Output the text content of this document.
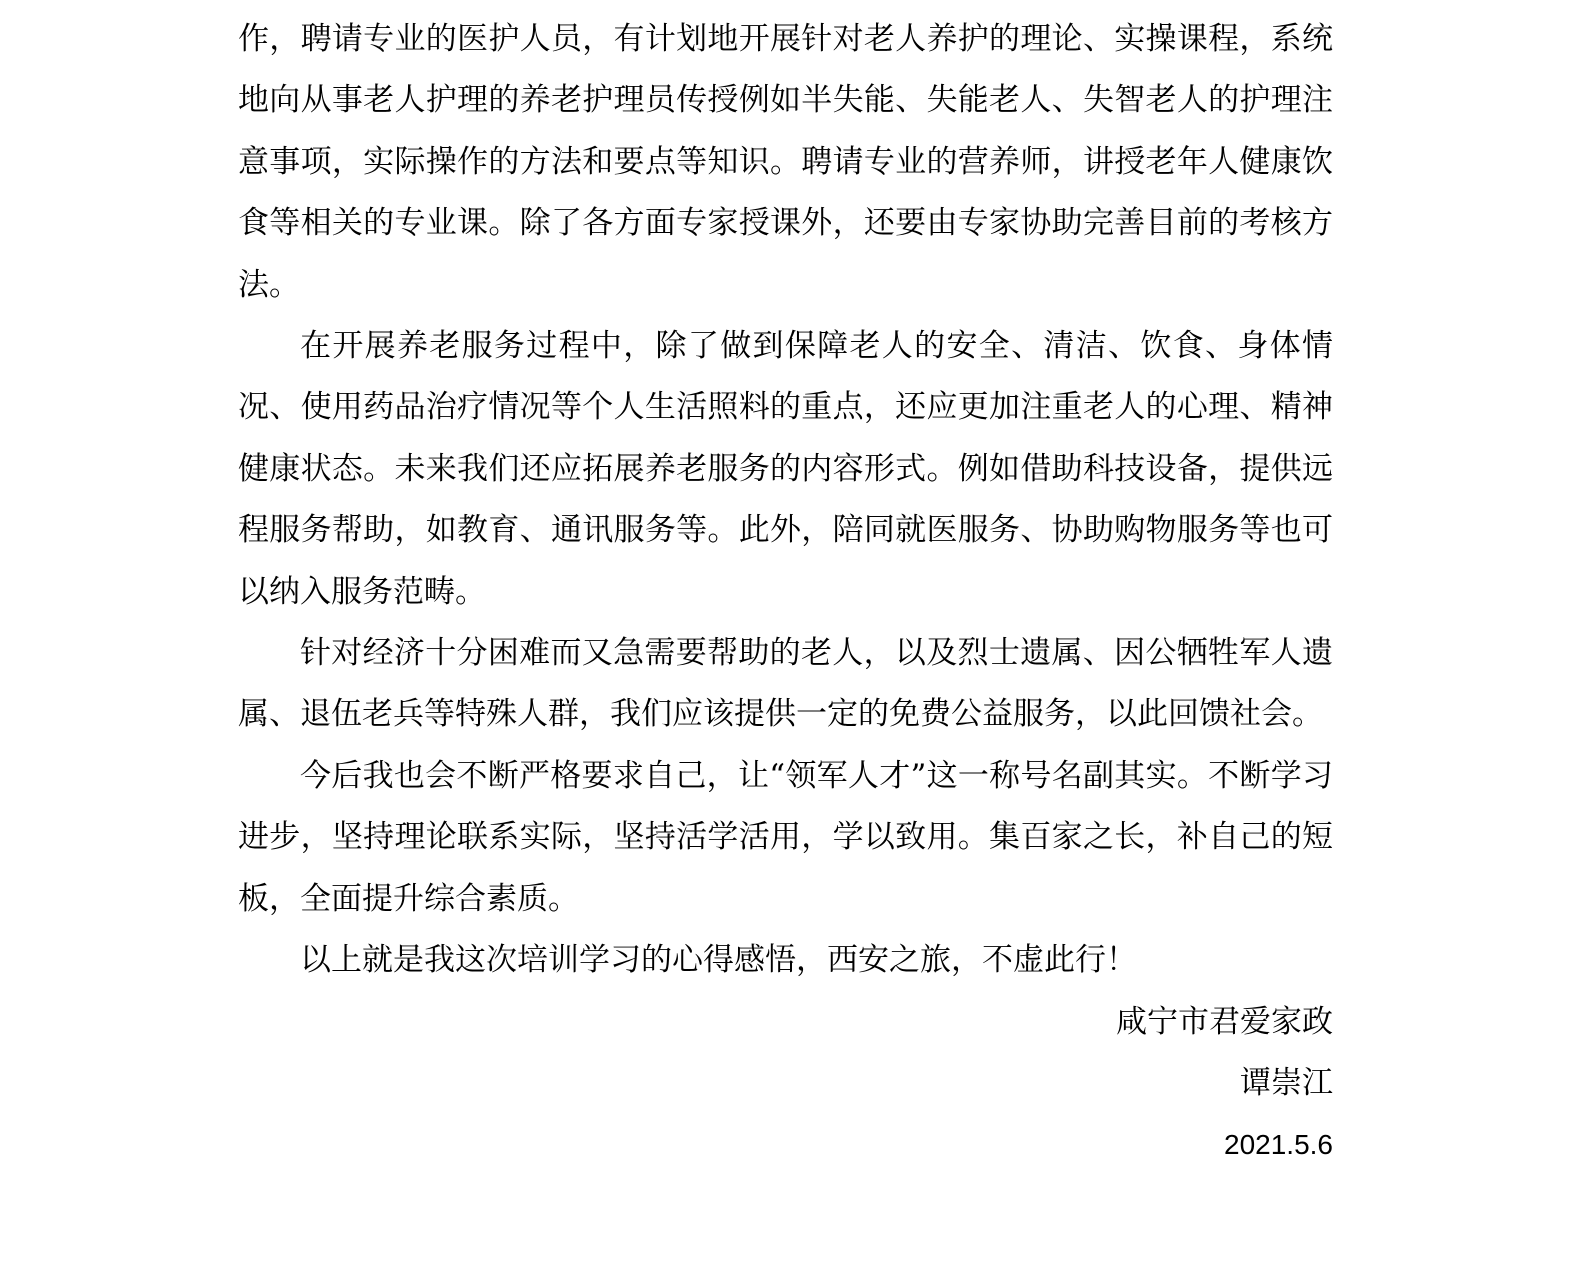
作，聘请专业的医护人员，有计划地开展针对老人养护的理论、实操课程，系统地向从事老人护理的养老护理员传授例如半失能、失能老人、失智老人的护理注意事项，实际操作的方法和要点等知识。聘请专业的营养师，讲授老年人健康饮食等相关的专业课。除了各方面专家授课外，还要由专家协助完善目前的考核方法。

在开展养老服务过程中，除了做到保障老人的安全、清洁、饮食、身体情况、使用药品治疗情况等个人生活照料的重点，还应更加注重老人的心理、精神健康状态。未来我们还应拓展养老服务的内容形式。例如借助科技设备，提供远程服务帮助，如教育、通讯服务等。此外，陪同就医服务、协助购物服务等也可以纳入服务范畴。

针对经济十分困难而又急需要帮助的老人，以及烈士遗属、因公牺牲军人遗属、退伍老兵等特殊人群，我们应该提供一定的免费公益服务，以此回馈社会。

今后我也会不断严格要求自己，让“领军人才”这一称号名副其实。不断学习进步，坚持理论联系实际，坚持活学活用，学以致用。集百家之长，补自己的短板，全面提升综合素质。

以上就是我这次培训学习的心得感悟，西安之旅，不虚此行！

咸宁市君爱家政

谭崇江

2021.5.6
